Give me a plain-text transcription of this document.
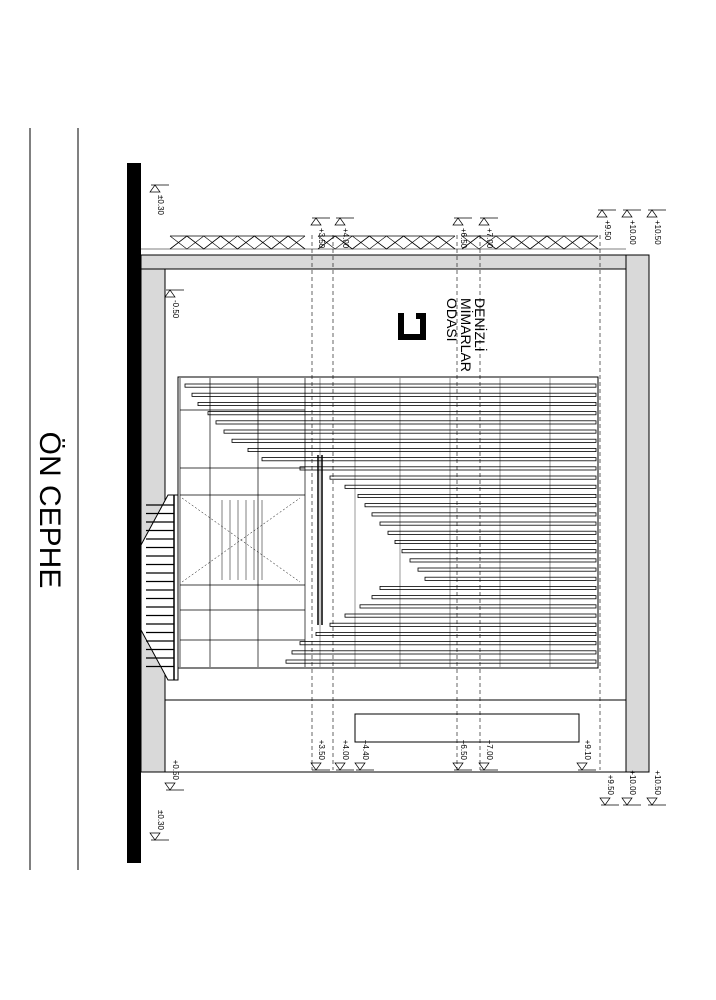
ÖN CEPHE
±0.30
-0.50
+3.50 +4.00	+6.50 +7.00	+9.50 +10.00 +10.50
+0.50
±0.30
+3.50 +4.00 +4.40	+6.50 +7.00	+9.10
+9.50 +10.00 +10.50
DENİZLİ
MİMARLAR
ODASI
